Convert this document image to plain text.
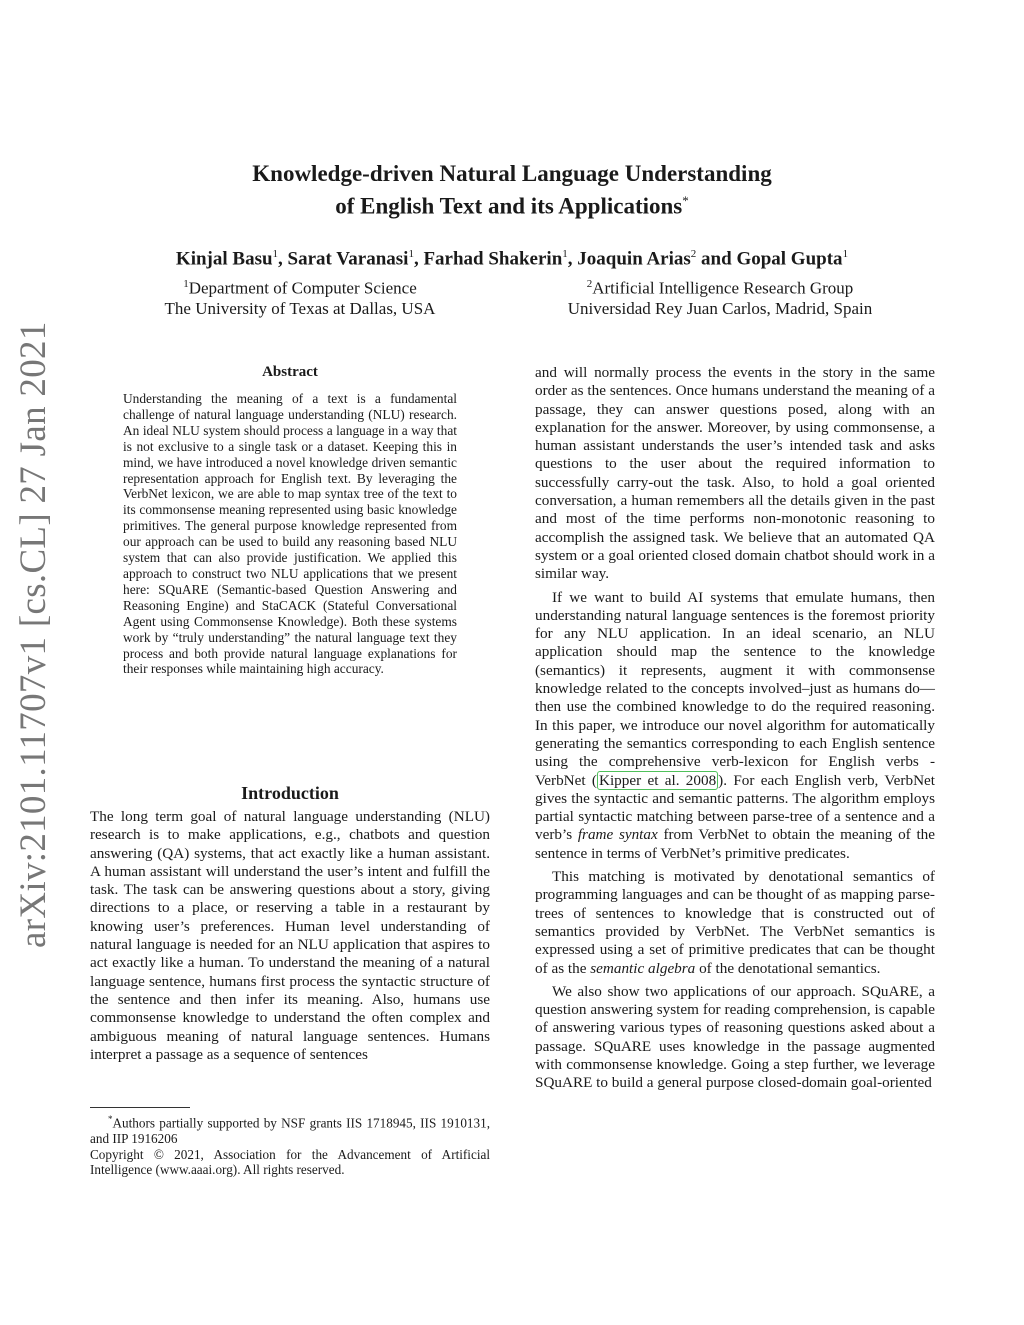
arXiv:2101.11707v1 [cs.CL] 27 Jan 2021

Knowledge-driven Natural Language Understanding

of English Text and its Applications*

Kinjal Basu$^1$, Sarat Varanasi$^1$, Farhad Shakerin$^1$, Joaquin Arias$^2$ and Gopal Gupta$^1$
$^1$Department of Computer Science
The University of Texas at Dallas, USA
$^2$Artificial Intelligence Research Group
Universidad Rey Juan Carlos, Madrid, Spain
Abstract
Understanding the meaning of a text is a fundamental challenge of natural language understanding (NLU) research. An ideal NLU system should process a language in a way that is not exclusive to a single task or a dataset. Keeping this in mind, we have introduced a novel knowledge driven semantic representation approach for English text. By leveraging the VerbNet lexicon, we are able to map syntax tree of the text to its commonsense meaning represented using basic knowledge primitives. The general purpose knowledge represented from our approach can be used to build any reasoning based NLU system that can also provide justification. We applied this approach to construct two NLU applications that we present here: SQuARE (Semantic-based Question Answering and Reasoning Engine) and StaCACK (Stateful Conversational Agent using Commonsense Knowledge). Both these systems work by “truly understanding” the natural language text they process and both provide natural language explanations for their responses while maintaining high accuracy.
Introduction
The long term goal of natural language understanding (NLU) research is to make applications, e.g., chatbots and question answering (QA) systems, that act exactly like a human assistant. A human assistant will understand the user’s intent and fulfill the task. The task can be answering questions about a story, giving directions to a place, or reserving a table in a restaurant by knowing user’s preferences. Human level understanding of natural language is needed for an NLU application that aspires to act exactly like a human. To understand the meaning of a natural language sentence, humans first process the syntactic structure of the sentence and then infer its meaning. Also, humans use commonsense knowledge to understand the often complex and ambiguous meaning of natural language sentences. Humans interpret a passage as a sequence of sentences

*Authors partially supported by NSF grants IIS 1718945, IIS 1910131, and IIP 1916206

Copyright © 2021, Association for the Advancement of Artificial Intelligence (www.aaai.org). All rights reserved.

and will normally process the events in the story in the same order as the sentences. Once humans understand the meaning of a passage, they can answer questions posed, along with an explanation for the answer. Moreover, by using commonsense, a human assistant understands the user’s intended task and asks questions to the user about the required information to successfully carry-out the task. Also, to hold a goal oriented conversation, a human remembers all the details given in the past and most of the time performs non-monotonic reasoning to accomplish the assigned task. We believe that an automated QA system or a goal oriented closed domain chatbot should work in a similar way.

If we want to build AI systems that emulate humans, then understanding natural language sentences is the foremost priority for any NLU application. In an ideal scenario, an NLU application should map the sentence to the knowledge (semantics) it represents, augment it with commonsense knowledge related to the concepts involved–just as humans do—then use the combined knowledge to do the required reasoning. In this paper, we introduce our novel algorithm for automatically generating the semantics corresponding to each English sentence using the comprehensive verb-lexicon for English verbs - VerbNet ( Kipper et al. 2008 ). For each English verb, VerbNet gives the syntactic and semantic patterns. The algorithm employs partial syntactic matching between parse-tree of a sentence and a verb’s frame syntax from VerbNet to obtain the meaning of the sentence in terms of VerbNet’s primitive predicates.

This matching is motivated by denotational semantics of programming languages and can be thought of as mapping parse-trees of sentences to knowledge that is constructed out of semantics provided by VerbNet. The VerbNet semantics is expressed using a set of primitive predicates that can be thought of as the semantic algebra of the denotational semantics.

We also show two applications of our approach. SQuARE, a question answering system for reading comprehension, is capable of answering various types of reasoning questions asked about a passage. SQuARE uses knowledge in the passage augmented with commonsense knowledge. Going a step further, we leverage SQuARE to build a general purpose closed-domain goal-oriented
